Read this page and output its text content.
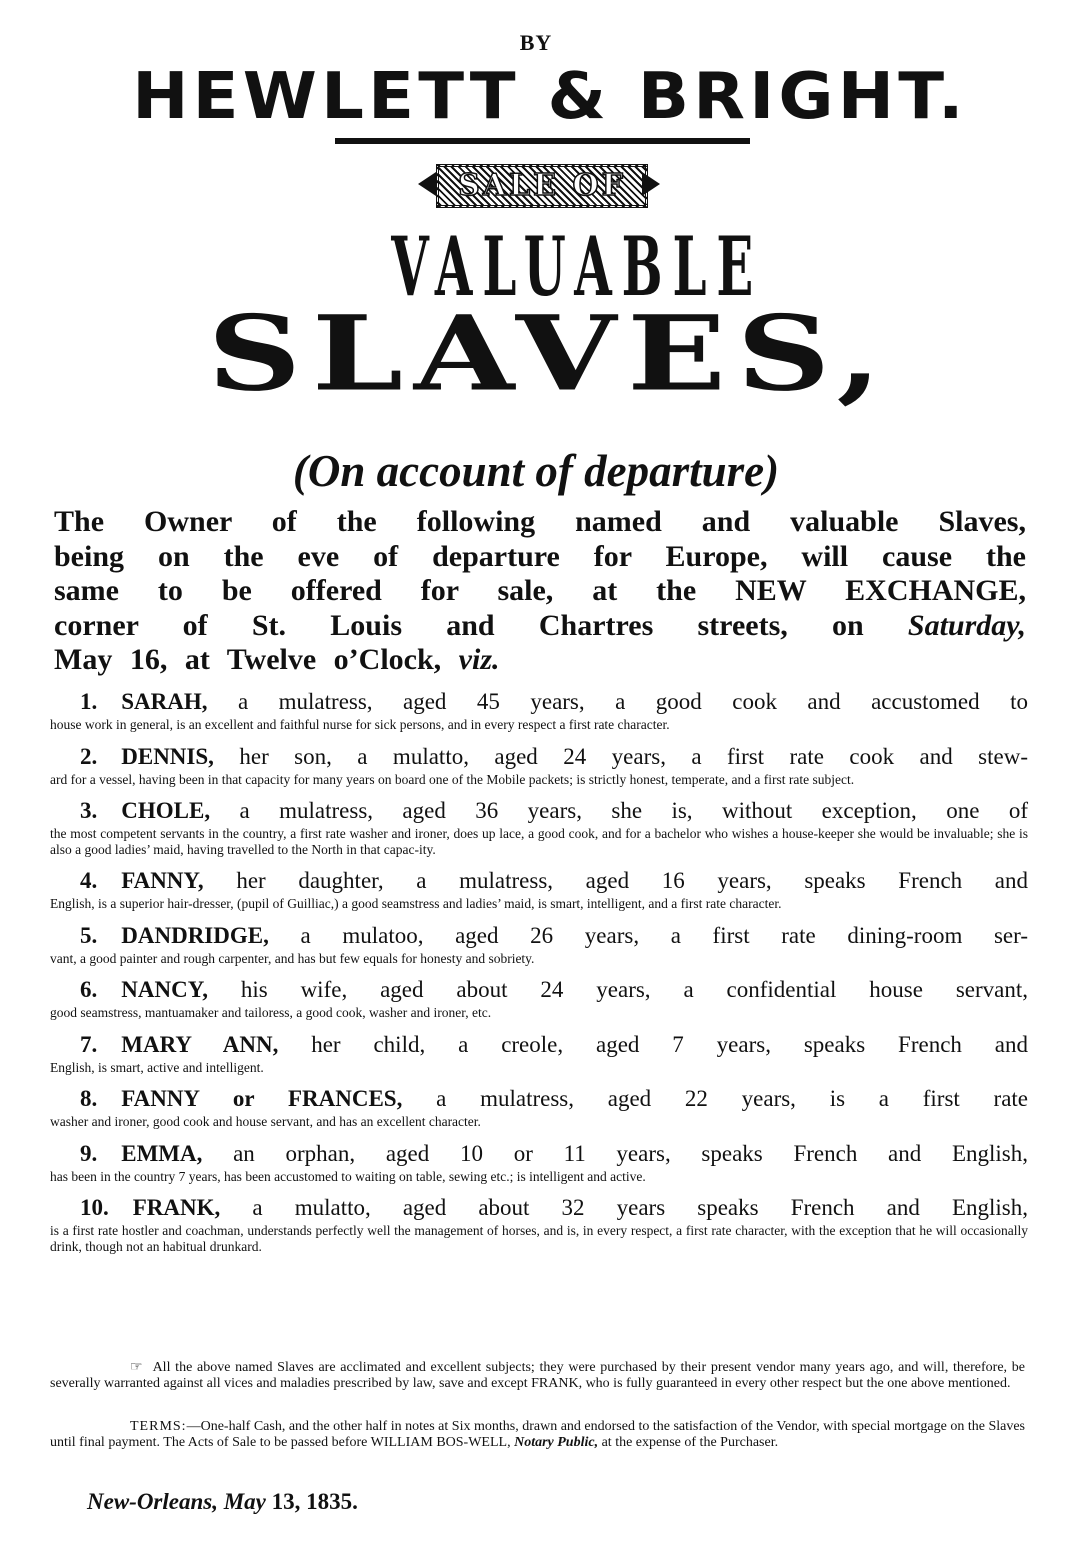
BY
HEWLETT & BRIGHT.
SALE OF
VALUABLE
SLAVES,
(On account of departure)
The Owner of the following named and valuable Slaves,
being on the eve of departure for Europe, will cause the
same to be offered for sale, at the NEW EXCHANGE,
corner of St. Louis and Chartres streets, on Saturday,
May 16, at Twelve o’Clock, viz.
1. SARAH, a mulatress, aged 45 years, a good cook and accustomed to
house work in general, is an excellent and faithful nurse for sick persons, and in every respect a first rate character.
2. DENNIS, her son, a mulatto, aged 24 years, a first rate cook and stew-
ard for a vessel, having been in that capacity for many years on board one of the Mobile packets; is strictly honest, temperate, and a first rate subject.
3. CHOLE, a mulatress, aged 36 years, she is, without exception, one of
the most competent servants in the country, a first rate washer and ironer, does up lace, a good cook, and for a bachelor who wishes a house-keeper she would be invaluable; she is also a good ladies’ maid, having travelled to the North in that capac-ity.
4. FANNY, her daughter, a mulatress, aged 16 years, speaks French and
English, is a superior hair-dresser, (pupil of Guilliac,) a good seamstress and ladies’ maid, is smart, intelligent, and a first rate character.
5. DANDRIDGE, a mulatoo, aged 26 years, a first rate dining-room ser-
vant, a good painter and rough carpenter, and has but few equals for honesty and sobriety.
6. NANCY, his wife, aged about 24 years, a confidential house servant,
good seamstress, mantuamaker and tailoress, a good cook, washer and ironer, etc.
7. MARY ANN, her child, a creole, aged 7 years, speaks French and
English, is smart, active and intelligent.
8. FANNY or FRANCES, a mulatress, aged 22 years, is a first rate
washer and ironer, good cook and house servant, and has an excellent character.
9. EMMA, an orphan, aged 10 or 11 years, speaks French and English,
has been in the country 7 years, has been accustomed to waiting on table, sewing etc.; is intelligent and active.
10. FRANK, a mulatto, aged about 32 years speaks French and English,
is a first rate hostler and coachman, understands perfectly well the management of horses, and is, in every respect, a first rate character, with the exception that he will occasionally drink, though not an habitual drunkard.
☞ All the above named Slaves are acclimated and excellent subjects; they were purchased by their present vendor many years ago, and will, therefore, be severally warranted against all vices and maladies prescribed by law, save and except FRANK, who is fully guaranteed in every other respect but the one above mentioned.
TERMS:—One-half Cash, and the other half in notes at Six months, drawn and endorsed to the satisfaction of the Vendor, with special mortgage on the Slaves until final payment. The Acts of Sale to be passed before WILLIAM BOS-WELL, Notary Public, at the expense of the Purchaser.
New-Orleans, May 13, 1835.
